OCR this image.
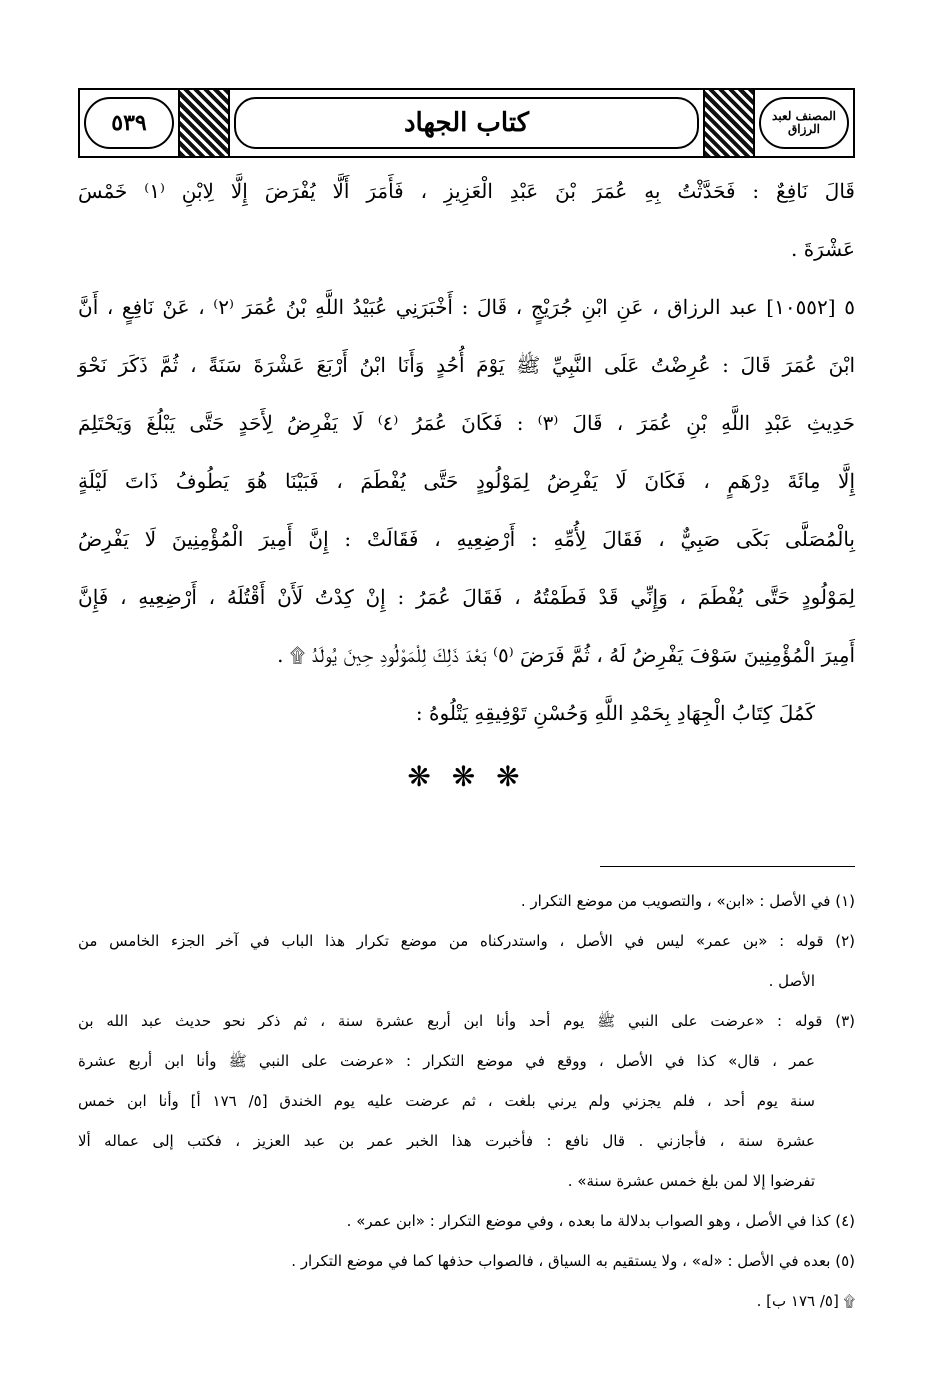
٥٣٩	كتاب الجهاد	المصنف لعبد الرزاق
قَالَ نَافِعٌ : فَحَدَّثْتُ بِهِ عُمَرَ بْنَ عَبْدِ الْعَزِيزِ ، فَأَمَرَ أَلَّا يُفْرَضَ إِلَّا لِابْنِ ⁽١⁾ خَمْسَ
عَشْرَةَ .
٥ [١٠٥٥٢] عبد الرزاق ، عَنِ ابْنِ جُرَيْجٍ ، قَالَ : أَخْبَرَنِي عُبَيْدُ اللَّهِ بْنُ عُمَرَ ⁽٢⁾ ، عَنْ نَافِعٍ ، أَنَّ
ابْنَ عُمَرَ قَالَ : عُرِضْتُ عَلَى النَّبِيِّ ﷺ يَوْمَ أُحُدٍ وَأَنَا ابْنُ أَرْبَعَ عَشْرَةَ سَنَةً ، ثُمَّ ذَكَرَ نَحْوَ
حَدِيثِ عَبْدِ اللَّهِ بْنِ عُمَرَ ، قَالَ ⁽٣⁾ : فَكَانَ عُمَرُ ⁽٤⁾ لَا يَفْرِضُ لِأَحَدٍ حَتَّى يَبْلُغَ وَيَحْتَلِمَ
إِلَّا مِائَةَ دِرْهَمٍ ، فَكَانَ لَا يَفْرِضُ لِمَوْلُودٍ حَتَّى يُفْطَمَ ، فَبَيْنَا هُوَ يَطُوفُ ذَاتَ لَيْلَةٍ
بِالْمُصَلَّى بَكَى صَبِيٌّ ، فَقَالَ لِأُمِّهِ : أَرْضِعِيهِ ، فَقَالَتْ : إِنَّ أَمِيرَ الْمُؤْمِنِينَ لَا يَفْرِضُ
لِمَوْلُودٍ حَتَّى يُفْطَمَ ، وَإِنِّي قَدْ فَطَمْتُهُ ، فَقَالَ عُمَرُ : إِنْ كِدْتُ لَأَنْ أَقْتُلَهُ ، أَرْضِعِيهِ ، فَإِنَّ
أَمِيرَ الْمُؤْمِنِينَ سَوْفَ يَفْرِضُ لَهُ ، ثُمَّ فَرَضَ ⁽٥⁾ بَعْدَ ذَلِكَ لِلْمَوْلُودِ حِينَ يُولَدُ ۩ .
كَمُلَ كِتَابُ الْجِهَادِ بِحَمْدِ اللَّهِ وَحُسْنِ تَوْفِيقِهِ يَتْلُوهُ :
❋ ❋ ❋
(١) في الأصل : «ابن» ، والتصويب من موضع التكرار .
(٢) قوله : «بن عمر» ليس في الأصل ، واستدركناه من موضع تكرار هذا الباب في آخر الجزء الخامس من
الأصل .
(٣) قوله : «عرضت على النبي ﷺ يوم أحد وأنا ابن أربع عشرة سنة ، ثم ذكر نحو حديث عبد الله بن
عمر ، قال» كذا في الأصل ، ووقع في موضع التكرار : «عرضت على النبي ﷺ وأنا ابن أربع عشرة
سنة يوم أحد ، فلم يجزني ولم يرني بلغت ، ثم عرضت عليه يوم الخندق [٥/ ١٧٦ أ] وأنا ابن خمس
عشرة سنة ، فأجازني . قال نافع : فأخبرت هذا الخبر عمر بن عبد العزيز ، فكتب إلى عماله ألا
تفرضوا إلا لمن بلغ خمس عشرة سنة» .
(٤) كذا في الأصل ، وهو الصواب بدلالة ما بعده ، وفي موضع التكرار : «ابن عمر» .
(٥) بعده في الأصل : «له» ، ولا يستقيم به السياق ، فالصواب حذفها كما في موضع التكرار .
۩ [٥/ ١٧٦ ب] .
